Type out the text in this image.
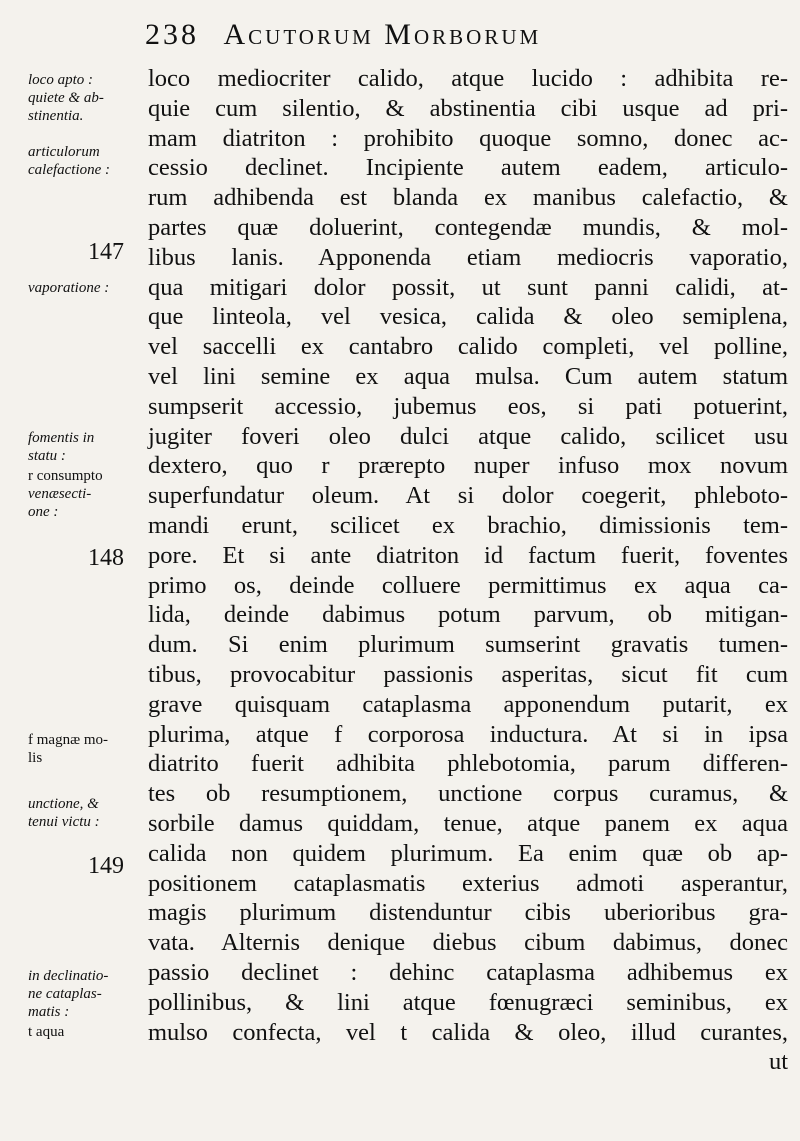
238 Acutorum Morborum
loco apto :
quiete & ab-
stinentia.
articulorum
calefactione :
147
vaporatione :
fomentis in
statu :
r consumpto
venæsecti-
one :
148
f magnæ mo-
lis
unctione, &
tenui victu :
149
in declinatio-
ne cataplas-
matis :
t aqua
loco mediocriter calido, atque lucido : adhibita re-
quie cum silentio, & abstinentia cibi usque ad pri-
mam diatriton : prohibito quoque somno, donec ac-
cessio declinet. Incipiente autem eadem, articulo-
rum adhibenda est blanda ex manibus calefactio, &
partes quæ doluerint, contegendæ mundis, & mol-
libus lanis. Apponenda etiam mediocris vaporatio,
qua mitigari dolor possit, ut sunt panni calidi, at-
que linteola, vel vesica, calida & oleo semiplena,
vel saccelli ex cantabro calido completi, vel polline,
vel lini semine ex aqua mulsa. Cum autem statum
sumpserit accessio, jubemus eos, si pati potuerint,
jugiter foveri oleo dulci atque calido, scilicet usu
dextero, quo r prærepto nuper infuso mox novum
superfundatur oleum. At si dolor coegerit, phleboto-
mandi erunt, scilicet ex brachio, dimissionis tem-
pore. Et si ante diatriton id factum fuerit, foventes
primo os, deinde colluere permittimus ex aqua ca-
lida, deinde dabimus potum parvum, ob mitigan-
dum. Si enim plurimum sumserint gravatis tumen-
tibus, provocabitur passionis asperitas, sicut fit cum
grave quisquam cataplasma apponendum putarit, ex
plurima, atque f corporosa inductura. At si in ipsa
diatrito fuerit adhibita phlebotomia, parum differen-
tes ob resumptionem, unctione corpus curamus, &
sorbile damus quiddam, tenue, atque panem ex aqua
calida non quidem plurimum. Ea enim quæ ob ap-
positionem cataplasmatis exterius admoti asperantur,
magis plurimum distenduntur cibis uberioribus gra-
vata. Alternis denique diebus cibum dabimus, donec
passio declinet : dehinc cataplasma adhibemus ex
pollinibus, & lini atque fœnugræci seminibus, ex
mulso confecta, vel t calida & oleo, illud curantes,
ut
